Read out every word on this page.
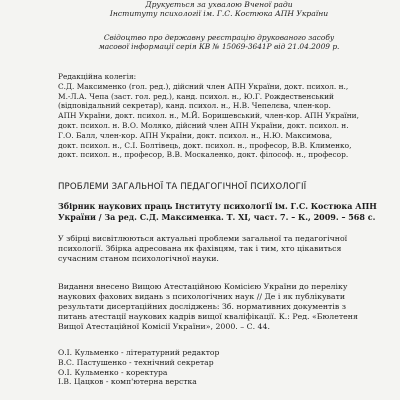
Друкується за ухвалою Вченої ради
Інституту психології ім. Г.С. Костюка АПН України
Свідоцтво про державну реєстрацію друкованого засобу
масової інформації серія КВ № 15069-3641Р від 21.04.2009 р.
Редакційна колегія:
С.Д. Максименко (гол. ред.), дійсний член АПН України, докт. психол. н.,
М.-Л.А. Чепа (заст. гол. ред.), канд. психол. н., Ю.Г. Рождественський
(відповідальний секретар), канд. психол. н., Н.В. Чепелєва, член-кор.
АПН України, докт. психол. н., М.Й. Боришевський, член-кор. АПН України,
докт. психол. н. В.О. Моляко, дійсний член АПН України, докт. психол. н.
Г.О. Балл, член-кор. АПН України, докт. психол. н., Н.Ю. Максимова,
докт. психол. н., С.І. Болтівець, докт. психол. н., професор, В.В. Клименко,
докт. психол. н., професор, В.В. Москаленко, докт. філософ. н., професор.
ПРОБЛЕМИ ЗАГАЛЬНОЇ ТА ПЕДАГОГІЧНОЇ ПСИХОЛОГІЇ
Збірник наукових праць Інституту психології ім. Г.С. Костюка АПН
України / За ред. С.Д. Максименка. Т. ХІ, част. 7. – К., 2009. – 568 с.
У збірці висвітлюються актуальні проблеми загальної та педагогічної
психології. Збірка адресована як фахівцям, так і тим, хто цікавиться
сучасним станом психологічної науки.
Видання внесено Вищою Атестаційною Комісією України до переліку
наукових фахових видань з психологічних наук // Де і як публікувати
результати дисертаційних досліджень: Зб. нормативних документів з
питань атестації наукових кадрів вищої кваліфікації. К.: Ред. «Бюлетеня
Вищої Атестаційної Комісії України», 2000. – С. 44.
О.І. Кульменко - літературний редактор
В.С. Пастушенко - технічний секретар
О.І. Кульменко - коректура
І.В. Цацков - комп'ютерна верстка
